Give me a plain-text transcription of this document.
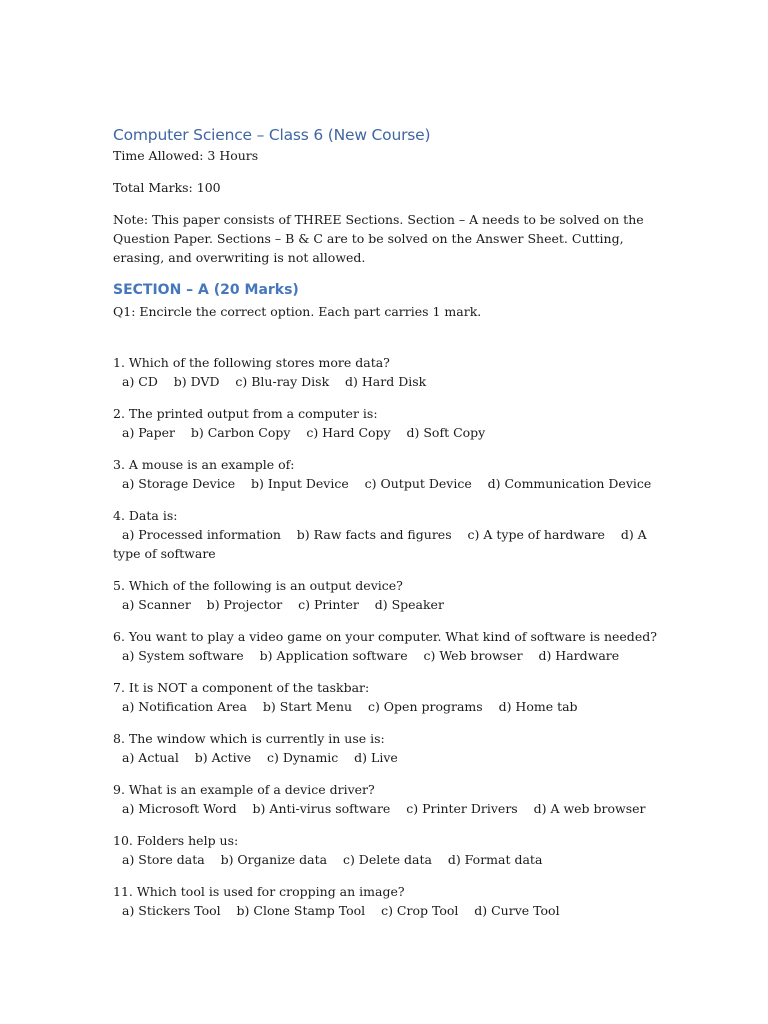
Computer Science – Class 6 (New Course)

Time Allowed: 3 Hours

Total Marks: 100

Note: This paper consists of THREE Sections. Section – A needs to be solved on the Question Paper. Sections – B & C are to be solved on the Answer Sheet. Cutting, erasing, and overwriting is not allowed.

SECTION – A (20 Marks)

Q1: Encircle the correct option. Each part carries 1 mark.

1. Which of the following stores more data?
a) CD    b) DVD    c) Blu-ray Disk    d) Hard Disk
2. The printed output from a computer is:
a) Paper    b) Carbon Copy    c) Hard Copy    d) Soft Copy
3. A mouse is an example of:
a) Storage Device    b) Input Device    c) Output Device    d) Communication Device
4. Data is:
a) Processed information    b) Raw facts and figures    c) A type of hardware    d) A type of software
5. Which of the following is an output device?
a) Scanner    b) Projector    c) Printer    d) Speaker
6. You want to play a video game on your computer. What kind of software is needed?
a) System software    b) Application software    c) Web browser    d) Hardware
7. It is NOT a component of the taskbar:
a) Notification Area    b) Start Menu    c) Open programs    d) Home tab
8. The window which is currently in use is:
a) Actual    b) Active    c) Dynamic    d) Live
9. What is an example of a device driver?
a) Microsoft Word    b) Anti-virus software    c) Printer Drivers    d) A web browser
10. Folders help us:
a) Store data    b) Organize data    c) Delete data    d) Format data
11. Which tool is used for cropping an image?
a) Stickers Tool    b) Clone Stamp Tool    c) Crop Tool    d) Curve Tool
